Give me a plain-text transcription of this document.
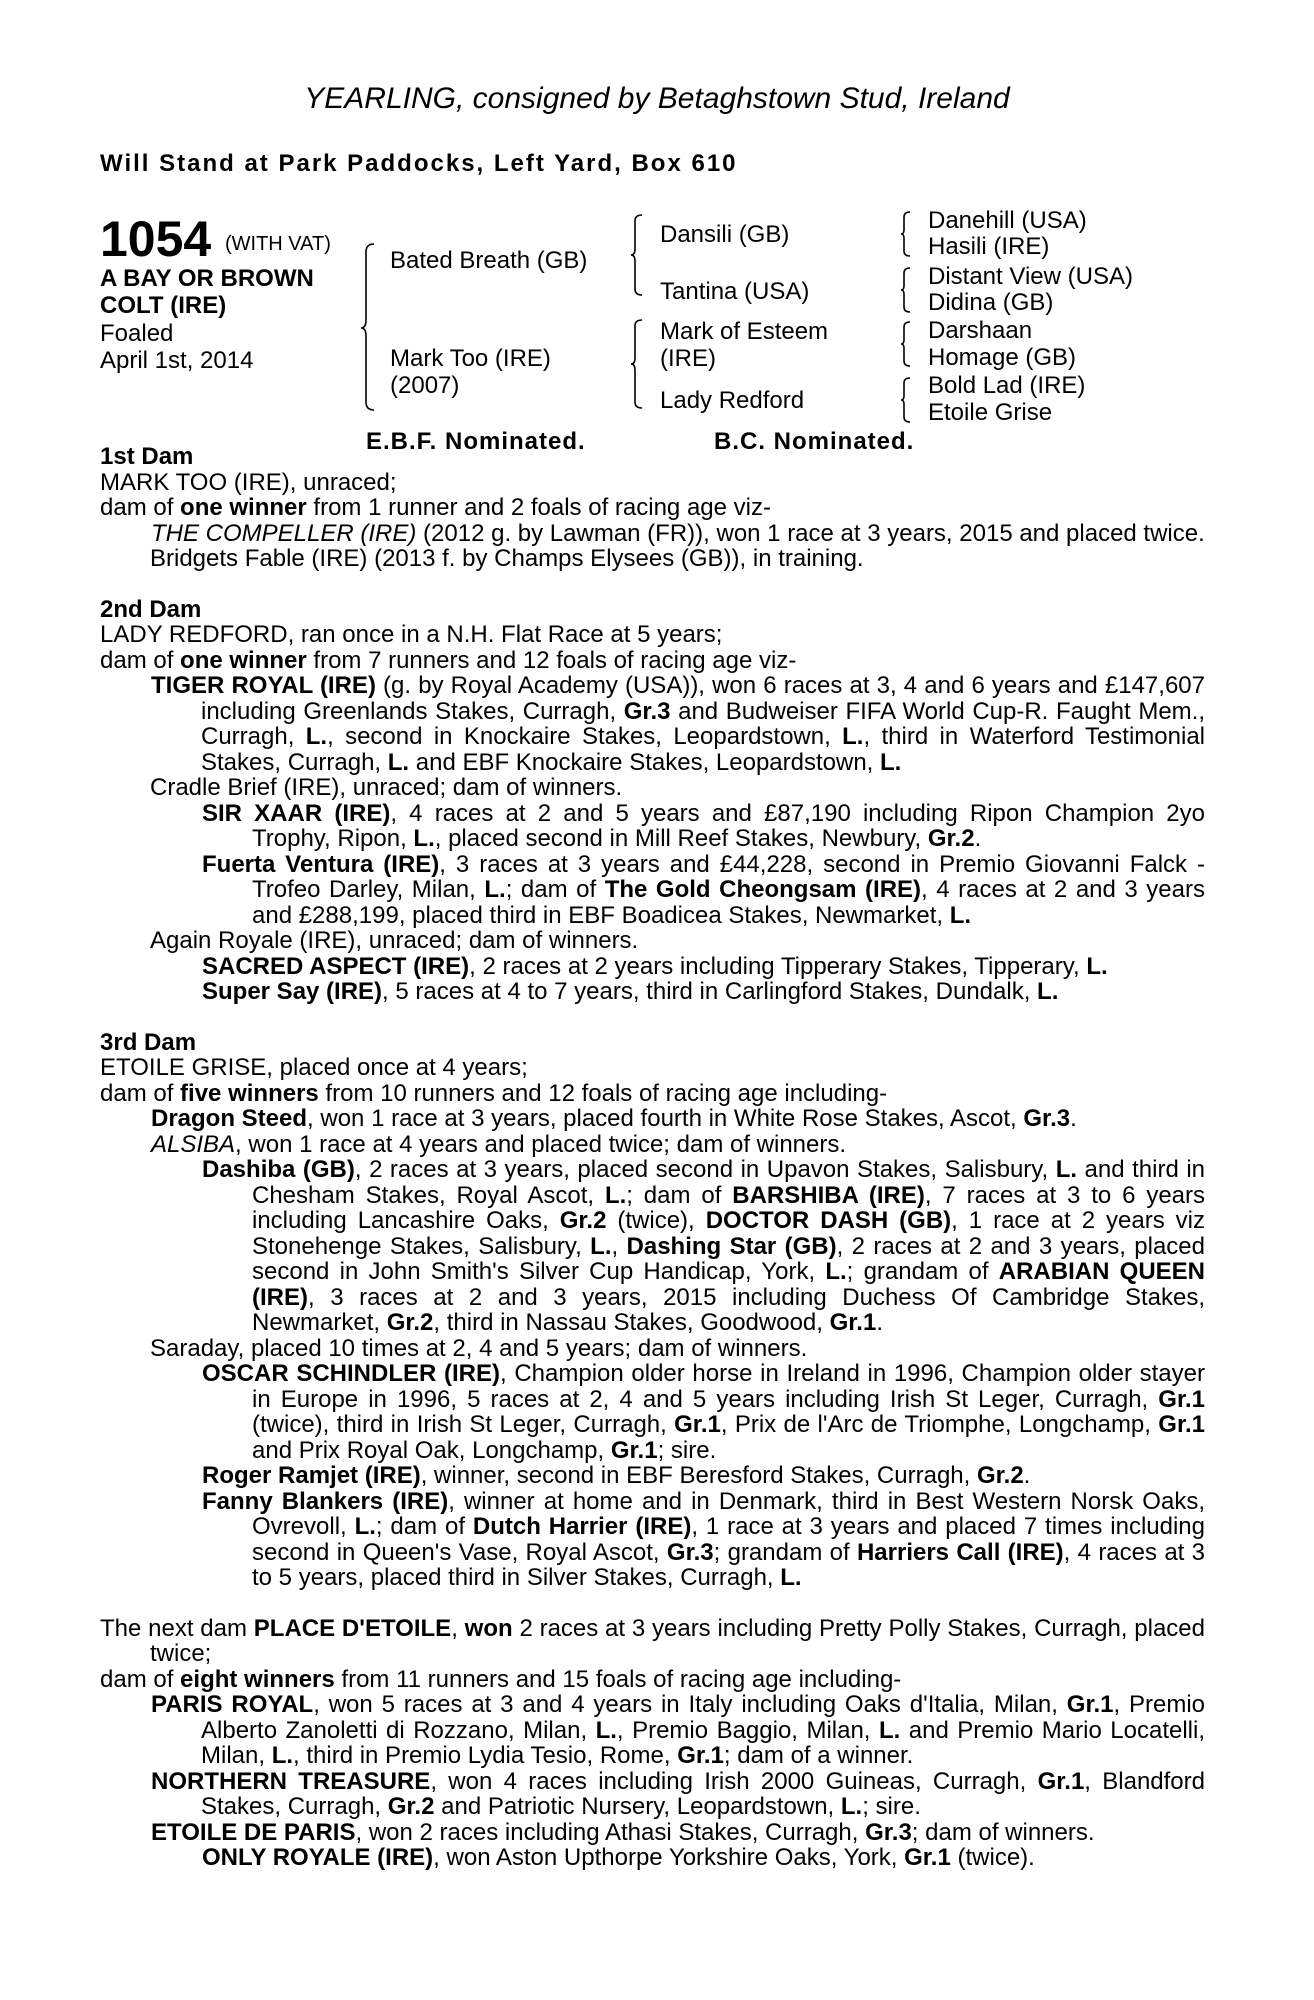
YEARLING, consigned by Betaghstown Stud, Ireland
Will Stand at Park Paddocks, Left Yard, Box 610
1054 (WITH VAT)
A BAY OR BROWN
COLT (IRE)
Foaled
April 1st, 2014
Bated Breath (GB)
Mark Too (IRE)
(2007)
Dansili (GB)
Tantina (USA)
Mark of Esteem
(IRE)
Lady Redford
Danehill (USA)
Hasili (IRE)
Distant View (USA)
Didina (GB)
Darshaan
Homage (GB)
Bold Lad (IRE)
Etoile Grise
E.B.F. Nominated.	B.C. Nominated.
1st Dam
MARK TOO (IRE), unraced;
dam of one winner from 1 runner and 2 foals of racing age viz-
THE COMPELLER (IRE) (2012 g. by Lawman (FR)), won 1 race at 3 years, 2015 and placed twice.
Bridgets Fable (IRE) (2013 f. by Champs Elysees (GB)), in training.
2nd Dam
LADY REDFORD, ran once in a N.H. Flat Race at 5 years;
dam of one winner from 7 runners and 12 foals of racing age viz-
TIGER ROYAL (IRE) (g. by Royal Academy (USA)), won 6 races at 3, 4 and 6 years and £147,607 including Greenlands Stakes, Curragh, Gr.3 and Budweiser FIFA World Cup-R. Faught Mem., Curragh, L., second in Knockaire Stakes, Leopardstown, L., third in Waterford Testimonial Stakes, Curragh, L. and EBF Knockaire Stakes, Leopardstown, L.
Cradle Brief (IRE), unraced; dam of winners.
SIR XAAR (IRE), 4 races at 2 and 5 years and £87,190 including Ripon Champion 2yo Trophy, Ripon, L., placed second in Mill Reef Stakes, Newbury, Gr.2.
Fuerta Ventura (IRE), 3 races at 3 years and £44,228, second in Premio Giovanni Falck - Trofeo Darley, Milan, L.; dam of The Gold Cheongsam (IRE), 4 races at 2 and 3 years and £288,199, placed third in EBF Boadicea Stakes, Newmarket, L.
Again Royale (IRE), unraced; dam of winners.
SACRED ASPECT (IRE), 2 races at 2 years including Tipperary Stakes, Tipperary, L.
Super Say (IRE), 5 races at 4 to 7 years, third in Carlingford Stakes, Dundalk, L.
3rd Dam
ETOILE GRISE, placed once at 4 years;
dam of five winners from 10 runners and 12 foals of racing age including-
Dragon Steed, won 1 race at 3 years, placed fourth in White Rose Stakes, Ascot, Gr.3.
ALSIBA, won 1 race at 4 years and placed twice; dam of winners.
Dashiba (GB), 2 races at 3 years, placed second in Upavon Stakes, Salisbury, L. and third in Chesham Stakes, Royal Ascot, L.; dam of BARSHIBA (IRE), 7 races at 3 to 6 years including Lancashire Oaks, Gr.2 (twice), DOCTOR DASH (GB), 1 race at 2 years viz Stonehenge Stakes, Salisbury, L., Dashing Star (GB), 2 races at 2 and 3 years, placed second in John Smith's Silver Cup Handicap, York, L.; grandam of ARABIAN QUEEN (IRE), 3 races at 2 and 3 years, 2015 including Duchess Of Cambridge Stakes, Newmarket, Gr.2, third in Nassau Stakes, Goodwood, Gr.1.
Saraday, placed 10 times at 2, 4 and 5 years; dam of winners.
OSCAR SCHINDLER (IRE), Champion older horse in Ireland in 1996, Champion older stayer in Europe in 1996, 5 races at 2, 4 and 5 years including Irish St Leger, Curragh, Gr.1 (twice), third in Irish St Leger, Curragh, Gr.1, Prix de l'Arc de Triomphe, Longchamp, Gr.1 and Prix Royal Oak, Longchamp, Gr.1; sire.
Roger Ramjet (IRE), winner, second in EBF Beresford Stakes, Curragh, Gr.2.
Fanny Blankers (IRE), winner at home and in Denmark, third in Best Western Norsk Oaks, Ovrevoll, L.; dam of Dutch Harrier (IRE), 1 race at 3 years and placed 7 times including second in Queen's Vase, Royal Ascot, Gr.3; grandam of Harriers Call (IRE), 4 races at 3 to 5 years, placed third in Silver Stakes, Curragh, L.
The next dam PLACE D'ETOILE, won 2 races at 3 years including Pretty Polly Stakes, Curragh, placed twice;
dam of eight winners from 11 runners and 15 foals of racing age including-
PARIS ROYAL, won 5 races at 3 and 4 years in Italy including Oaks d'Italia, Milan, Gr.1, Premio Alberto Zanoletti di Rozzano, Milan, L., Premio Baggio, Milan, L. and Premio Mario Locatelli, Milan, L., third in Premio Lydia Tesio, Rome, Gr.1; dam of a winner.
NORTHERN TREASURE, won 4 races including Irish 2000 Guineas, Curragh, Gr.1, Blandford Stakes, Curragh, Gr.2 and Patriotic Nursery, Leopardstown, L.; sire.
ETOILE DE PARIS, won 2 races including Athasi Stakes, Curragh, Gr.3; dam of winners.
ONLY ROYALE (IRE), won Aston Upthorpe Yorkshire Oaks, York, Gr.1 (twice).
